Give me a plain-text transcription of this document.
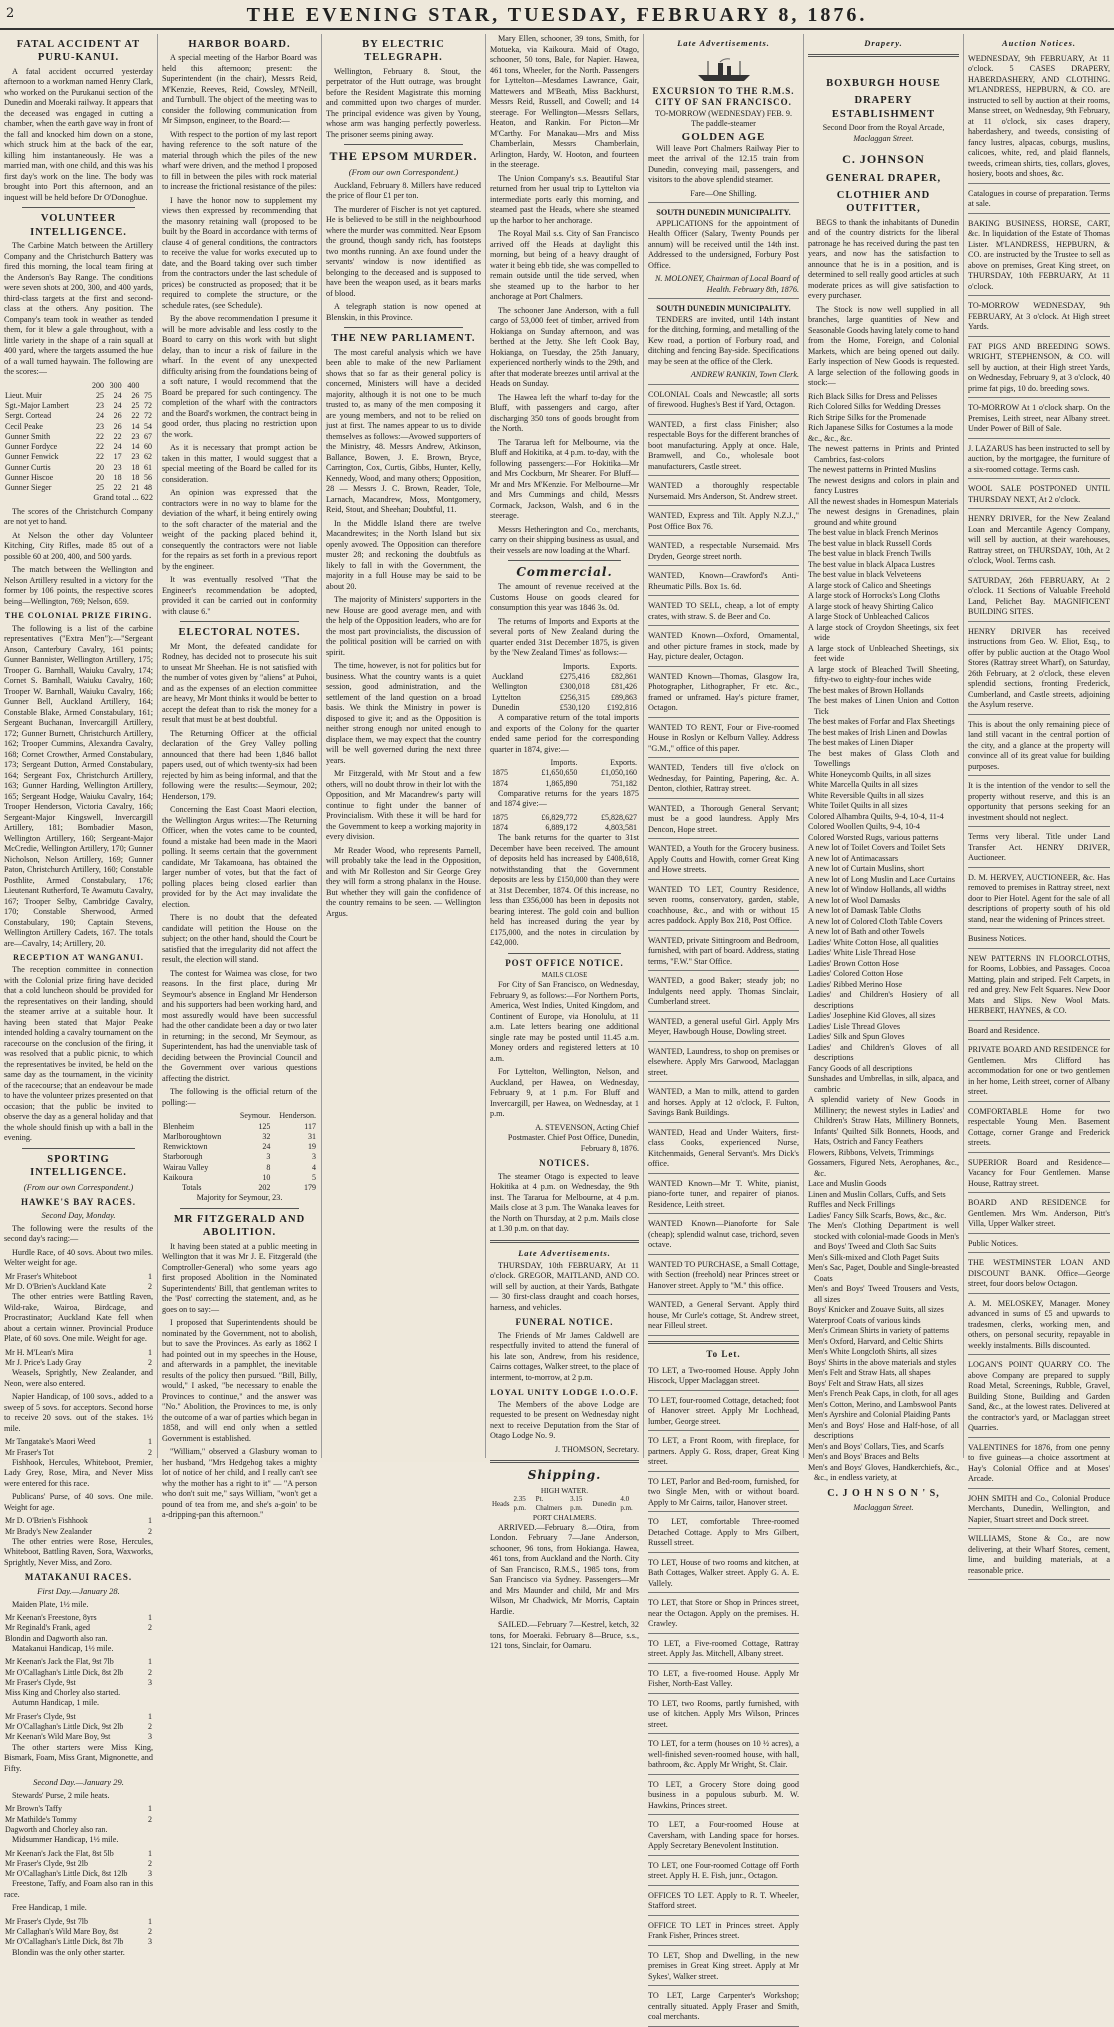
2	THE EVENING STAR, TUESDAY, FEBRUARY 8, 1876.
FATAL ACCIDENT AT PURU-KANUI.
A fatal accident occurred yesterday afternoon to a workman named Henry Clark, who worked on the Purukanui section of the Dunedin and Moeraki railway. It appears that the deceased was engaged in cutting a chamber, when the earth gave way in front of the fall and knocked him down on a stone, which struck him at the back of the ear, killing him instantaneously. He was a married man, with one child, and this was his first day's work on the line. The body was brought into Port this afternoon, and an inquest will be held before Dr O'Donoghue.
VOLUNTEER INTELLIGENCE.
The Carbine Match between the Artillery Company and the Christchurch Battery was fired this morning, the local team firing at the Anderson's Bay Range. The conditions were seven shots at 200, 300, and 400 yards, third-class targets at the first and second-class at the others. Any position. The Company's team took in weather as tended them, for it blew a gale throughout, with a little variety in the shape of a rain squall at 400 yard, where the targets assumed the hue of a wall turned haywain. The following are the scores:—
	200	300	400	
Lieut. Muir	25	24	26	75
Sgt.-Major Lambert	23	24	25	72
Sergt. Cortead	24	26	22	72
Cecil Peake	23	26	14	54
Gunner Smith	22	22	23	67
Gunner Fordyce	22	24	14	60
Gunner Fenwick	22	17	23	62
Gunner Curtis	20	23	18	61
Gunner Hiscoe	20	18	18	56
Gunner Sieger	25	22	21	48
Grand total ... 622
The scores of the Christchurch Company are not yet to hand.
At Nelson the other day Volunteer Kitching, City Rifles, made 85 out of a possible 60 at 200, 400, and 500 yards.
The match between the Wellington and Nelson Artillery resulted in a victory for the former by 106 points, the respective scores being—Wellington, 769; Nelson, 659.
THE COLONIAL PRIZE FIRING.
The following is a list of the carbine representatives ("Extra Men"):—"Sergeant Anson, Canterbury Cavalry, 161 points; Gunner Bannister, Wellington Artillery, 175; Trooper G. Barnhall, Waiuku Cavalry, 174; Cornet S. Barnhall, Waiuku Cavalry, 160; Trooper W. Barnhall, Waiuku Cavalry, 166; Gunner Bell, Auckland Artillery, 164; Constable Blake, Armed Constabulary, 161; Sergeant Buchanan, Invercargill Artillery, 172; Gunner Burnett, Christchurch Artillery, 162; Trooper Cummins, Alexandra Cavalry, 168; Cornet Crowther, Armed Constabulary, 173; Sergeant Dutton, Armed Constabulary, 164; Sergeant Fox, Christchurch Artillery, 163; Gunner Harding, Wellington Artillery, 165; Sergeant Hodge, Waiuku Cavalry, 164; Trooper Henderson, Victoria Cavalry, 166; Sergeant-Major Kingswell, Invercargill Artillery, 181; Bombadier Mason, Wellington Artillery, 160; Sergeant-Major McCredie, Wellington Artillery, 170; Gunner Nicholson, Nelson Artillery, 169; Gunner Paton, Christchurch Artillery, 160; Constable Posthlite, Armed Constabulary, 176; Lieutenant Rutherford, Te Awamutu Cavalry, 167; Trooper Selby, Cambridge Cavalry, 170; Constable Sherwood, Armed Constabulary, 190; Captain Stevens, Wellington Artillery Cadets, 167. The totals are—Cavalry, 14; Artillery, 20.
RECEPTION AT WANGANUI.
The reception committee in connection with the Colonial prize firing have decided that a cold luncheon should be provided for the representatives on their landing, should the steamer arrive at a suitable hour. It having been stated that Major Peake intended holding a cavalry tournament on the racecourse on the conclusion of the firing, it was resolved that a public picnic, to which the representatives be invited, be held on the same day as the tournament, in the vicinity of the racecourse; that an endeavour be made to have the volunteer prizes presented on that occasion; that the public be invited to observe the day as a general holiday and that the whole should finish up with a ball in the evening.
SPORTING INTELLIGENCE.
(From our own Correspondent.)
HAWKE'S BAY RACES.
Second Day, Monday.
The following were the results of the second day's racing:—
Hurdle Race, of 40 sovs. About two miles. Welter weight for age.
Mr Fraser's Whiteboot	1
Mr D. O'Brien's Auckland Kate	2
The other entries were Battling Raven, Wild-rake, Wairoa, Birdcage, and Procrastinator; Auckland Kate fell when about a certain winner. Provincial Produce Plate, of 60 sovs. One mile. Weight for age.
Mr H. M'Lean's Mira	1
Mr J. Price's Lady Gray	2
Weasels, Sprightly, New Zealander, and Neon, were also entered.
Napier Handicap, of 100 sovs., added to a sweep of 5 sovs. for acceptors. Second horse to receive 20 sovs. out of the stakes. 1½ mile.
Mr Tangatake's Maori Weed	1
Mr Fraser's Tot	2
Fishhook, Hercules, Whiteboot, Premier, Lady Grey, Rose, Mira, and Never Miss were entered for this race.
Publicans' Purse, of 40 sovs. One mile. Weight for age.
Mr D. O'Brien's Fishhook	1
Mr Brady's New Zealander	2
The other entries were Rose, Hercules, Whiteboot, Battling Raven, Sora, Waxworks, Sprightly, Never Miss, and Zoro.
MATAKANUI RACES.
First Day.—January 28.
Maiden Plate, 1½ mile.
Mr Keenan's Freestone, 8yrs	1
Mr Reginald's Frank, aged	2
Blondin and Dagworth also ran.	
Matakanui Handicap, 1½ mile.
Mr Keenan's Jack the Flat, 9st 7lb	1
Mr O'Callaghan's Little Dick, 8st 2lb	2
Mr Fraser's Clyde, 9st	3
Miss King and Chorley also started.	
Autumn Handicap, 1 mile.
Mr Fraser's Clyde, 9st	1
Mr O'Callaghan's Little Dick, 9st 2lb	2
Mr Keenan's Wild Mare Boy, 9st	3
The other starters were Miss King, Bismark, Foam, Miss Grant, Mignonette, and Fifty.
Second Day.—January 29.
Stewards' Purse, 2 mile heats.
Mr Brown's Taffy	1
Mr Mathilde's Tommy	2
Dagworth and Chorley also ran.	
Midsummer Handicap, 1½ mile.
Mr Keenan's Jack the Flat, 8st 5lb	1
Mr Fraser's Clyde, 9st 2lb	2
Mr O'Callaghan's Little Dick, 8st 12lb	3
Freestone, Taffy, and Foam also ran in this race.
Free Handicap, 1 mile.
Mr Fraser's Clyde, 9st 7lb	1
Mr Callaghan's Wild Mare Boy, 8st	2
Mr O'Callaghan's Little Dick, 8st 7lb	3
Blondin was the only other starter.
HARBOR BOARD.
A special meeting of the Harbor Board was held this afternoon; present: the Superintendent (in the chair), Messrs Reid, M'Kenzie, Reeves, Reid, Cowsley, M'Neill, and Turnbull. The object of the meeting was to consider the following communication from Mr Simpson, engineer, to the Board:—
With respect to the portion of my last report having reference to the soft nature of the material through which the piles of the new wharf were driven, and the method I proposed to fill in between the piles with rock material to increase the frictional resistance of the piles:
I have the honor now to supplement my views then expressed by recommending that the masonry retaining wall (proposed to be built by the Board in accordance with terms of clause 4 of general conditions, the contractors to receive the value for works executed up to date, and the Board taking over such timber from the contractors under the last schedule of prices) be constructed as proposed; that it be required to complete the structure, or the schedule rates, (see Schedule).
By the above recommendation I presume it will be more advisable and less costly to the Board to carry on this work with but slight delay, than to incur a risk of failure in the wharf. In the event of any unexpected difficulty arising from the foundations being of a soft nature, I would recommend that the Board be prepared for such contingency. The completion of the wharf with the contractors and the Board's workmen, the contract being in good order, thus placing no restriction upon the work.
As it is necessary that prompt action be taken in this matter, I would suggest that a special meeting of the Board be called for its consideration.
An opinion was expressed that the contractors were in no way to blame for the deviation of the wharf, it being entirely owing to the soft character of the material and the weight of the packing placed behind it, consequently the contractors were not liable for the repairs as set forth in a previous report by the engineer.
It was eventually resolved "That the Engineer's recommendation be adopted, provided it can be carried out in conformity with clause 6."
ELECTORAL NOTES.
Mr Mont, the defeated candidate for Rodney, has decided not to prosecute his suit to unseat Mr Sheehan. He is not satisfied with the number of votes given by "aliens" at Puhoi, and as the expenses of an election committee are heavy, Mr Mont thinks it would be better to accept the defeat than to risk the money for a result that must be at best doubtful.
The Returning Officer at the official declaration of the Grey Valley polling announced that there had been 1,846 ballot papers used, out of which twenty-six had been rejected by him as being informal, and that the following were the results:—Seymour, 202; Henderson, 179.
Concerning the East Coast Maori election, the Wellington Argus writes:—The Returning Officer, when the votes came to be counted, found a mistake had been made in the Maori polling. It seems certain that the government candidate, Mr Takamoana, has obtained the larger number of votes, but that the fact of polling places being closed earlier than provided for by the Act may invalidate the election.
There is no doubt that the defeated candidate will petition the House on the subject; on the other hand, should the Court be satisfied that the irregularity did not affect the result, the election will stand.
The contest for Waimea was close, for two reasons. In the first place, during Mr Seymour's absence in England Mr Henderson and his supporters had been working hard, and most assuredly would have been successful had the other candidate been a day or two later in returning; in the second, Mr Seymour, as Superintendent, has had the unenviable task of deciding between the Provincial Council and the Government over various questions affecting the district.
The following is the official return of the polling:—
	Seymour.	Henderson.
Blenheim	125	117
Marlboroughtown	32	31
Renwicktown	24	19
Starborough	3	3
Wairau Valley	8	4
Kaikoura	10	5
Totals	202	179
Majority for Seymour, 23.
MR FITZGERALD AND ABOLITION.
It having been stated at a public meeting in Wellington that it was Mr J. E. Fitzgerald (the Comptroller-General) who some years ago first proposed Abolition in the Nominated Superintendents' Bill, that gentleman writes to the 'Post' correcting the statement, and, as he goes on to say:—
I proposed that Superintendents should be nominated by the Government, not to abolish, but to save the Provinces. As early as 1862 I had pointed out in my speeches in the House, and afterwards in a pamphlet, the inevitable results of the policy then pursued. "Bill, Billy, would," I asked, "be necessary to enable the Provinces to continue," and the answer was "No." Abolition, the Provinces to me, is only the outcome of a war of parties which began in 1858, and will end only when a settled Government is established.
"William," observed a Glasbury woman to her husband, "Mrs Hedgehog takes a mighty lot of notice of her child, and I really can't see why the mother has a right to it" — "A person who don't suit me," says William, "won't get a pound of tea from me, and she's a-goin' to be a-dripping-pan this afternoon."
BY ELECTRIC TELEGRAPH.
Wellington, February 8. Stout, the perpetrator of the Hutt outrage, was brought before the Resident Magistrate this morning and committed upon two charges of murder. The principal evidence was given by Young, whose arm was hanging perfectly powerless. The prisoner seems pining away.
THE EPSOM MURDER.
(From our own Correspondent.)
Auckland, February 8. Millers have reduced the price of flour £1 per ton.
The murderer of Fischer is not yet captured. He is believed to be still in the neighbourhood where the murder was committed. Near Epsom the ground, though sandy rich, has footsteps two months running. An axe found under the servants' window is now identified as belonging to the deceased and is supposed to have been the weapon used, as it bears marks of blood.
A telegraph station is now opened at Blenskin, in this Province.
THE NEW PARLIAMENT.
The most careful analysis which we have been able to make of the new Parliament shows that so far as their general policy is concerned, Ministers will have a decided majority, although it is not one to be much trusted to, as many of the men composing it are young members, and not to be relied on just at first. The names appear to us to divide themselves as follows:—Avowed supporters of the Ministry, 48. Messrs Andrew, Atkinson, Ballance, Bowen, J. E. Brown, Bryce, Carrington, Cox, Curtis, Gibbs, Hunter, Kelly, Kennedy, Wood, and many others; Opposition, 28 — Messrs J. C. Brown, Reader, Tole, Larnach, Macandrew, Moss, Montgomery, Reid, Stout, and Sheehan; Doubtful, 11.
In the Middle Island there are twelve Macandrewites; in the North Island but six openly avowed. The Opposition can therefore muster 28; and reckoning the doubtfuls as likely to fall in with the Government, the majority in a full House may be said to be about 20.
The majority of Ministers' supporters in the new House are good average men, and with the help of the Opposition leaders, who are for the most part provincialists, the discussion of the political position will be carried on with spirit.
The time, however, is not for politics but for business. What the country wants is a quiet session, good administration, and the settlement of the land question on a broad basis. We think the Ministry in power is disposed to give it; and as the Opposition is neither strong enough nor united enough to displace them, we may expect that the country will be well governed during the next three years.
Mr Fitzgerald, with Mr Stout and a few others, will no doubt throw in their lot with the Opposition, and Mr Macandrew's party will continue to fight under the banner of Provincialism. With these it will be hard for the Government to keep a working majority in every division.
Mr Reader Wood, who represents Parnell, will probably take the lead in the Opposition, and with Mr Rolleston and Sir George Grey they will form a strong phalanx in the House. But whether they will gain the confidence of the country remains to be seen. — Wellington Argus.
Mary Ellen, schooner, 39 tons, Smith, for Motueka, via Kaikoura. Maid of Otago, schooner, 50 tons, Bale, for Napier. Hawea, 461 tons, Wheeler, for the North. Passengers for Lyttelton—Mesdames Lawrance, Gair, Mattewers and M'Beath, Miss Backhurst, Messrs Reid, Russell, and Cowell; and 14 steerage. For Wellington—Messrs Sellars, Heaton, and Rankin. For Picton—Mr M'Carthy. For Manakau—Mrs and Miss Chamberlain, Messrs Chamberlain, Arlington, Hardy, W. Hooton, and fourteen in the steerage.
The Union Company's s.s. Beautiful Star returned from her usual trip to Lyttelton via intermediate ports early this morning, and steamed past the Heads, where she steamed up the harbor to her anchorage.
The Royal Mail s.s. City of San Francisco arrived off the Heads at daylight this morning, but being of a heavy draught of water it being ebb tide, she was compelled to remain outside until the tide served, when she steamed up to the harbor to her anchorage at Port Chalmers.
The schooner Jane Anderson, with a full cargo of 53,000 feet of timber, arrived from Hokianga on Sunday afternoon, and was berthed at the Jetty. She left Cook Bay, Hokianga, on Tuesday, the 25th January, experienced northerly winds to the 29th, and after that moderate breezes until arrival at the Heads on Sunday.
The Hawea left the wharf to-day for the Bluff, with passengers and cargo, after discharging 350 tons of goods brought from the North.
The Tararua left for Melbourne, via the Bluff and Hokitika, at 4 p.m. to-day, with the following passengers:—For Hokitika—Mr and Mrs Cockburn, Mr Shearer. For Bluff—Mr and Mrs M'Kenzie. For Melbourne—Mr and Mrs Cummings and child, Messrs Cormack, Jackson, Walsh, and 6 in the steerage.
Messrs Hetherington and Co., merchants, carry on their shipping business as usual, and their vessels are now loading at the Wharf.
Commercial.
The amount of revenue received at the Customs House on goods cleared for consumption this year was 1846 3s. 0d.
The returns of Imports and Exports at the several ports of New Zealand during the quarter ended 31st December 1875, is given by the 'New Zealand Times' as follows:—
	Imports.	Exports.
Auckland	£275,416	£82,861
Wellington	£300,018	£81,426
Lyttelton	£256,315	£89,863
Dunedin	£530,120	£192,816
A comparative return of the total imports and exports of the Colony for the quarter ended same period for the corresponding quarter in 1874, give:—
	Imports.	Exports.
1875	£1,650,650	£1,050,160
1874	1,865,890	751,182
Comparative returns for the years 1875 and 1874 give:—
1875	£6,829,772	£5,828,627
1874	6,889,172	4,803,581
The bank returns for the quarter to 31st December have been received. The amount of deposits held has increased by £408,618, notwithstanding that the Government deposits are less by £150,000 than they were at 31st December, 1874. Of this increase, no less than £356,000 has been in deposits not bearing interest. The gold coin and bullion held has increased during the year by £175,000, and the notes in circulation by £42,000.
POST OFFICE NOTICE.
MAILS CLOSE
For City of San Francisco, on Wednesday, February 9, as follows:—For Northern Ports, America, West Indies, United Kingdom, and Continent of Europe, via Honolulu, at 11 a.m. Late letters bearing one additional single rate may be posted until 11.45 a.m. Money orders and registered letters at 10 a.m.
For Lyttelton, Wellington, Nelson, and Auckland, per Hawea, on Wednesday, February 9, at 1 p.m. For Bluff and Invercargill, per Hawea, on Wednesday, at 1 p.m.
A. STEVENSON, Acting Chief Postmaster. Chief Post Office, Dunedin, February 8, 1876.
NOTICES.
The steamer Otago is expected to leave Hokitika at 4 p.m. on Wednesday, the 9th inst. The Tararua for Melbourne, at 4 p.m. Mails close at 3 p.m. The Wanaka leaves for the North on Thursday, at 2 p.m. Mails close at 1.30 p.m. on that day.
Late Advertisements.
THURSDAY, 10th FEBRUARY, At 11 o'clock. GREGOR, MAITLAND, AND CO. will sell by auction, at their Yards, Bathgate — 30 first-class draught and coach horses, harness, and vehicles.
FUNERAL NOTICE.
The Friends of Mr James Caldwell are respectfully invited to attend the funeral of his late son, Andrew, from his residence, Cairns cottages, Walker street, to the place of interment, to-morrow, at 2 p.m.
LOYAL UNITY LODGE I.O.O.F.
The Members of the above Lodge are requested to be present on Wednesday night next to receive Deputation from the Star of Otago Lodge No. 9.
J. THOMSON, Secretary.
Shipping.
HIGH WATER.
Heads	2.35 p.m.	Pt. Chalmers	3.15 p.m.	Dunedin	4.0 p.m.
PORT CHALMERS.
ARRIVED.—February 8.—Otira, from London. February 7—Jane Anderson, schooner, 96 tons, from Hokianga. Hawea, 461 tons, from Auckland and the North. City of San Francisco, R.M.S., 1985 tons, from San Francisco via Sydney. Passengers—Mr and Mrs Maunder and child, Mr and Mrs Wilson, Mr Chadwick, Mr Morris, Captain Hardie.
SAILED.—February 7—Kestrel, ketch, 32 tons, for Moeraki. February 8—Bruce, s.s., 121 tons, Sinclair, for Oamaru.
Late Advertisements.
EXCURSION TO THE R.M.S. CITY OF SAN FRANCISCO.
TO-MORROW (WEDNESDAY) FEB. 9.
The paddle-steamer
GOLDEN AGE
Will leave Port Chalmers Railway Pier to meet the arrival of the 12.15 train from Dunedin, conveying mail, passengers, and visitors to the above splendid steamer.
Fare—One Shilling.
SOUTH DUNEDIN MUNICIPALITY.
APPLICATIONS for the appointment of Health Officer (Salary, Twenty Pounds per annum) will be received until the 14th inst. Addressed to the undersigned, Forbury Post Office.
N. MOLONEY, Chairman of Local Board of Health. February 8th, 1876.
SOUTH DUNEDIN MUNICIPALITY.
TENDERS are invited, until 14th instant for the ditching, forming, and metalling of the Kew road, a portion of Forbury road, and ditching and fencing Bay-side. Specifications may be seen at the office of the Clerk.
ANDREW RANKIN, Town Clerk.
COLONIAL Coals and Newcastle; all sorts of firewood. Hughes's Best if Yard, Octagon.
WANTED, a first class Finisher; also respectable Boys for the different branches of boot manufacturing. Apply at once. Hale, Bramwell, and Co., wholesale boot manufacturers, Castle street.
WANTED a thoroughly respectable Nursemaid. Mrs Anderson, St. Andrew street.
WANTED, Express and Tilt. Apply N.Z.J.," Post Office Box 76.
WANTED, a respectable Nursemaid. Mrs Dryden, George street north.
WANTED, Known—Crawford's Anti-Rheumatic Pills. Box 1s. 6d.
WANTED TO SELL, cheap, a lot of empty crates, with straw. S. de Beer and Co.
WANTED Known—Oxford, Ornamental, and other picture frames in stock, made by Hay, picture dealer, Octagon.
WANTED Known—Thomas, Glasgow Ira, Photographer, Lithographer, Fr etc. &c., framed or unframed. Hay's picture framer, Octagon.
WANTED TO RENT, Four or Five-roomed House in Roslyn or Kelburn Valley. Address "G.M.," office of this paper.
WANTED, Tenders till five o'clock on Wednesday, for Painting, Papering, &c. A. Denton, clothier, Rattray street.
WANTED, a Thorough General Servant; must be a good laundress. Apply Mrs Dencon, Hope street.
WANTED, a Youth for the Grocery business. Apply Coutts and Howith, corner Great King and Howe streets.
WANTED TO LET, Country Residence, seven rooms, conservatory, garden, stable, coachhouse, &c., and with or without 15 acres paddock. Apply Box 218, Post Office.
WANTED, private Sittingroom and Bedroom, furnished, with part of board. Address, stating terms, "F.W." Star Office.
WANTED, a good Baker; steady job; no Indulgents need apply. Thomas Sinclair, Cumberland street.
WANTED, a general useful Girl. Apply Mrs Meyer, Hawbough House, Dowling street.
WANTED, Laundress, to shop on premises or elsewhere. Apply Mrs Garwood, Maclaggan street.
WANTED, a Man to milk, attend to garden and horses. Apply at 12 o'clock, F. Fulton, Savings Bank Buildings.
WANTED, Head and Under Waiters, first-class Cooks, experienced Nurse, Kitchenmaids, General Servant's. Mrs Dick's office.
WANTED Known—Mr T. White, pianist, piano-forte tuner, and repairer of pianos. Residence, Leith street.
WANTED Known—Pianoforte for Sale (cheap); splendid walnut case, trichord, seven octave.
WANTED TO PURCHASE, a Small Cottage, with Section (freehold) near Princes street or Hanover street. Apply to "M." this office.
WANTED, a General Servant. Apply third house, Mr Curle's cottage, St. Andrew street, near Filleul street.
To Let.
TO LET, a Two-roomed House. Apply John Hiscock, Upper Maclaggan street.
TO LET, four-roomed Cottage, detached; foot of Hanover street. Apply Mr Lochhead, lumber, George street.
TO LET, a Front Room, with fireplace, for partners. Apply G. Ross, draper, Great King street.
TO LET, Parlor and Bed-room, furnished, for two Single Men, with or without board. Apply to Mr Cairns, tailor, Hanover street.
TO LET, comfortable Three-roomed Detached Cottage. Apply to Mrs Gilbert, Russell street.
TO LET, House of two rooms and kitchen, at Bath Cottages, Walker street. Apply G. A. E. Vallely.
TO LET, that Store or Shop in Princes street, near the Octagon. Apply on the premises. H. Crawley.
TO LET, a Five-roomed Cottage, Rattray street. Apply Jas. Mitchell, Albany street.
TO LET, a five-roomed House. Apply Mr Fisher, North-East Valley.
TO LET, two Rooms, partly furnished, with use of kitchen. Apply Mrs Wilson, Princes street.
TO LET, for a term (houses on 10 ½ acres), a well-finished seven-roomed house, with hall, bathroom, &c. Apply Mr Wright, St. Clair.
TO LET, a Grocery Store doing good business in a populous suburb. M. W. Hawkins, Princes street.
TO LET, a Four-roomed House at Caversham, with Landing space for horses. Apply Secretary Benevolent Institution.
TO LET, one Four-roomed Cottage off Forth street. Apply H. E. Fish, junr., Octagon.
OFFICES TO LET. Apply to R. T. Wheeler, Stafford street.
OFFICE TO LET in Princes street. Apply Frank Fisher, Princes street.
TO LET, Shop and Dwelling, in the new premises in Great King street. Apply at Mr Sykes', Walker street.
TO LET, Large Carpenter's Workshop; centrally situated. Apply Fraser and Smith, coal merchants.
Drapery.
BOXBURGH HOUSE
DRAPERY ESTABLISHMENT
Second Door from the Royal Arcade,
Maclaggan Street.
C. JOHNSON
GENERAL DRAPER,
CLOTHIER AND OUTFITTER,
BEGS to thank the inhabitants of Dunedin and of the country districts for the liberal patronage he has received during the past ten years, and now has the satisfaction to announce that he is in a position, and is determined to sell really good articles at such moderate prices as will give satisfaction to every purchaser.
The Stock is now well supplied in all branches, large quantities of New and Seasonable Goods having lately come to hand from the Home, Foreign, and Colonial Markets, which are being opened out daily. Early inspection of New Goods is requested. A large selection of the following goods in stock:—
Rich Black Silks for Dress and Pelisses
Rich Colored Silks for Wedding Dresses
Rich Stripe Silks for the Promenade
Rich Japanese Silks for Costumes a la mode
&c., &c., &c.
The newest patterns in Prints and Printed Cambrics, fast-colors
The newest patterns in Printed Muslins
The newest designs and colors in plain and fancy Lustres
All the newest shades in Homespun Materials
The newest designs in Grenadines, plain ground and white ground
The best value in black French Merinos
The best value in black Russell Cords
The best value in black French Twills
The best value in black Alpaca Lustres
The best value in black Velveteens
A large stock of Calico and Sheetings
A large stock of Horrocks's Long Cloths
A large stock of heavy Shirting Calico
A large Stock of Unbleached Calicos
A large stock of Croydon Sheetings, six feet wide
A large stock of Unbleached Sheetings, six feet wide
A large stock of Bleached Twill Sheeting, fifty-two to eighty-four inches wide
The best makes of Brown Hollands
The best makes of Linen Union and Cotton Tick
The best makes of Forfar and Flax Sheetings
The best makes of Irish Linen and Dowlas
The best makes of Linen Diaper
The best makes of Glass Cloth and Towellings
White Honeycomb Quilts, in all sizes
White Marcella Quilts in all sizes
White Reversible Quilts in all sizes
White Toilet Quilts in all sizes
Colored Alhambra Quilts, 9-4, 10-4, 11-4
Colored Woollen Quilts, 9-4, 10-4
Colored Worsted Rugs, various patterns
A new lot of Toilet Covers and Toilet Sets
A new lot of Antimacassars
A new lot of Curtain Muslins, short
A new lot of Long Muslin and Lace Curtains
A new lot of Window Hollands, all widths
A new lot of Wool Damasks
A new lot of Damask Table Cloths
A new lot of Colored Cloth Table Covers
A new lot of Bath and other Towels
Ladies' White Cotton Hose, all qualities
Ladies' White Lisle Thread Hose
Ladies' Brown Cotton Hose
Ladies' Colored Cotton Hose
Ladies' Ribbed Merino Hose
Ladies' and Children's Hosiery of all descriptions
Ladies' Josephine Kid Gloves, all sizes
Ladies' Lisle Thread Gloves
Ladies' Silk and Spun Gloves
Ladies' and Children's Gloves of all descriptions
Fancy Goods of all descriptions
Sunshades and Umbrellas, in silk, alpaca, and cambric
A splendid variety of New Goods in Millinery; the newest styles in Ladies' and Children's Straw Hats, Millinery Bonnets, Infants' Quilted Silk Bonnets, Hoods, and Hats, Ostrich and Fancy Feathers
Flowers, Ribbons, Velvets, Trimmings
Gossamers, Figured Nets, Aerophanes, &c., &c.
Lace and Muslin Goods
Linen and Muslin Collars, Cuffs, and Sets
Ruffles and Neck Frillings
Ladies' Fancy Silk Scarfs, Bows, &c., &c.
The Men's Clothing Department is well stocked with colonial-made Goods in Men's and Boys' Tweed and Cloth Sac Suits
Men's Silk-mixed and Cloth Paget Suits
Men's Sac, Paget, Double and Single-breasted Coats
Men's and Boys' Tweed Trousers and Vests, all sizes
Boys' Knicker and Zouave Suits, all sizes
Waterproof Coats of various kinds
Men's Crimean Shirts in variety of patterns
Men's Oxford, Harvard, and Celtic Shirts
Men's White Longcloth Shirts, all sizes
Boys' Shirts in the above materials and styles
Men's Felt and Straw Hats, all shapes
Boys' Felt and Straw Hats, all sizes
Men's French Peak Caps, in cloth, for all ages
Men's Cotton, Merino, and Lambswool Pants
Men's Ayrshire and Colonial Plaiding Pants
Men's and Boys' Hose and Half-hose, of all descriptions
Men's and Boys' Collars, Ties, and Scarfs
Men's and Boys' Braces and Belts
Men's and Boys' Gloves, Handkerchiefs, &c., &c., in endless variety, at
C. J O H N S O N ' S,
Maclaggan Street.
Auction Notices.
WEDNESDAY, 9th FEBRUARY, At 11 o'clock. 5 CASES DRAPERY, HABERDASHERY, AND CLOTHING. M'LANDRESS, HEPBURN, & CO. are instructed to sell by auction at their rooms, Manse street, on Wednesday, 9th February, at 11 o'clock, six cases drapery, haberdashery, and tweeds, consisting of fancy lustres, alpacas, coburgs, muslins, calicoes, white, red, and plaid flannels, tweeds, crimean shirts, ties, collars, gloves, hosiery, boots and shoes, &c.
Catalogues in course of preparation. Terms at sale.
BAKING BUSINESS, HORSE, CART, &c. In liquidation of the Estate of Thomas Lister. M'LANDRESS, HEPBURN, & CO. are instructed by the Trustee to sell as above on premises, Great King street, on THURSDAY, 10th FEBRUARY, At 11 o'clock.
TO-MORROW WEDNESDAY, 9th FEBRUARY, At 3 o'clock. At High street Yards.
FAT PIGS AND BREEDING SOWS. WRIGHT, STEPHENSON, & CO. will sell by auction, at their High street Yards, on Wednesday, February 9, at 3 o'clock, 40 prime fat pigs, 10 do. breeding sows.
TO-MORROW At 1 o'clock sharp. On the Premises, Leith street, near Albany street. Under Power of Bill of Sale.
J. LAZARUS has been instructed to sell by auction, by the mortgagee, the furniture of a six-roomed cottage. Terms cash.
WOOL SALE POSTPONED UNTIL THURSDAY NEXT, At 2 o'clock.
HENRY DRIVER, for the New Zealand Loan and Mercantile Agency Company, will sell by auction, at their warehouses, Rattray street, on THURSDAY, 10th, At 2 o'clock, Wool. Terms cash.
SATURDAY, 26th FEBRUARY, At 2 o'clock. 11 Sections of Valuable Freehold Land, Pelichet Bay. MAGNIFICENT BUILDING SITES.
HENRY DRIVER has received instructions from Geo. W. Eliot, Esq., to offer by public auction at the Otago Wool Stores (Rattray street Wharf), on Saturday, 26th February, at 2 o'clock, these eleven splendid sections, fronting Frederick, Cumberland, and Castle streets, adjoining the Asylum reserve.
This is about the only remaining piece of land still vacant in the central portion of the city, and a glance at the property will convince all of its great value for building purposes.
It is the intention of the vendor to sell the property without reserve, and this is an opportunity that persons seeking for an investment should not neglect.
Terms very liberal. Title under Land Transfer Act. HENRY DRIVER, Auctioneer.
D. M. HERVEY, AUCTIONEER, &c. Has removed to premises in Rattray street, next door to Pier Hotel. Agent for the sale of all descriptions of property south of his old stand, near the widening of Princes street.
Business Notices.
NEW PATTERNS IN FLOORCLOTHS, for Rooms, Lobbies, and Passages. Cocoa Matting, plain and striped. Felt Carpets, in red and grey. New Felt Squares. New Door Mats and Slips. New Wool Mats. HERBERT, HAYNES, & CO.
Board and Residence.
PRIVATE BOARD AND RESIDENCE for Gentlemen. Mrs Clifford has accommodation for one or two gentlemen in her home, Leith street, corner of Albany street.
COMFORTABLE Home for two respectable Young Men. Basement Cottage, corner Grange and Frederick streets.
SUPERIOR Board and Residence—Vacancy for Four Gentlemen. Manse House, Rattray street.
BOARD AND RESIDENCE for Gentlemen. Mrs Wm. Anderson, Pitt's Villa, Upper Walker street.
Public Notices.
THE WESTMINSTER LOAN AND DISCOUNT BANK. Office—George street, four doors below Octagon.
A. M. MELOSKEY, Manager. Money advanced in sums of £5 and upwards to tradesmen, clerks, working men, and others, on personal security, repayable in weekly instalments. Bills discounted.
LOGAN'S POINT QUARRY CO. The above Company are prepared to supply Road Metal, Screenings, Rubble, Gravel, Building Stone, Building and Garden Sand, &c., at the lowest rates. Delivered at the contractor's yard, or Maclaggan street Quarries.
VALENTINES for 1876, from one penny to five guineas—a choice assortment at Hay's Colonial Office and at Moses' Arcade.
JOHN SMITH and Co., Colonial Produce Merchants, Dunedin, Wellington, and Napier, Stuart street and Dock street.
WILLIAMS, Stone & Co., are now delivering, at their Wharf Stores, cement, lime, and building materials, at a reasonable price.
